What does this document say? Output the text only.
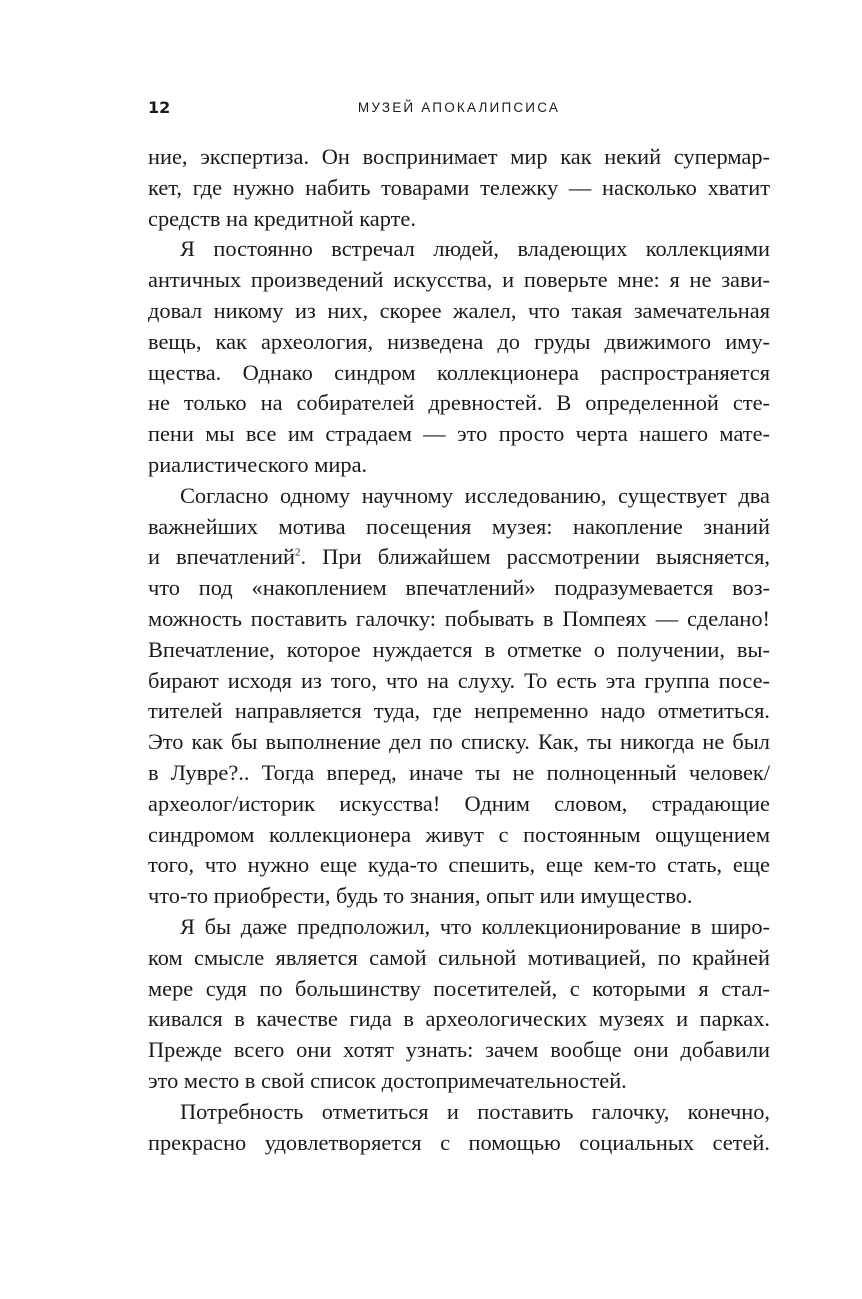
12	МУЗЕЙ АПОКАЛИПСИСА
ние, экспертиза. Он воспринимает мир как некий супермар-
кет, где нужно набить товарами тележку — насколько хватит
средств на кредитной карте.
Я постоянно встречал людей, владеющих коллекциями
античных произведений искусства, и поверьте мне: я не зави-
довал никому из них, скорее жалел, что такая замечательная
вещь, как археология, низведена до груды движимого иму-
щества. Однако синдром коллекционера распространяется
не только на собирателей древностей. В определенной сте-
пени мы все им страдаем — это просто черта нашего мате-
риалистического мира.
Согласно одному научному исследованию, существует два
важнейших мотива посещения музея: накопление знаний
и впечатлений$^2$. При ближайшем рассмотрении выясняется,
что под «накоплением впечатлений» подразумевается воз-
можность поставить галочку: побывать в Помпеях — сделано!
Впечатление, которое нуждается в отметке о получении, вы-
бирают исходя из того, что на слуху. То есть эта группа посе-
тителей направляется туда, где непременно надо отметиться.
Это как бы выполнение дел по списку. Как, ты никогда не был
в Лувре?.. Тогда вперед, иначе ты не полноценный человек/
археолог/историк искусства! Одним словом, страдающие
синдромом коллекционера живут с постоянным ощущением
того, что нужно еще куда-то спешить, еще кем-то стать, еще
что-то приобрести, будь то знания, опыт или имущество.
Я бы даже предположил, что коллекционирование в широ-
ком смысле является самой сильной мотивацией, по крайней
мере судя по большинству посетителей, с которыми я стал-
кивался в качестве гида в археологических музеях и парках.
Прежде всего они хотят узнать: зачем вообще они добавили
это место в свой список достопримечательностей.
Потребность отметиться и поставить галочку, конечно,
прекрасно удовлетворяется с помощью социальных сетей.
